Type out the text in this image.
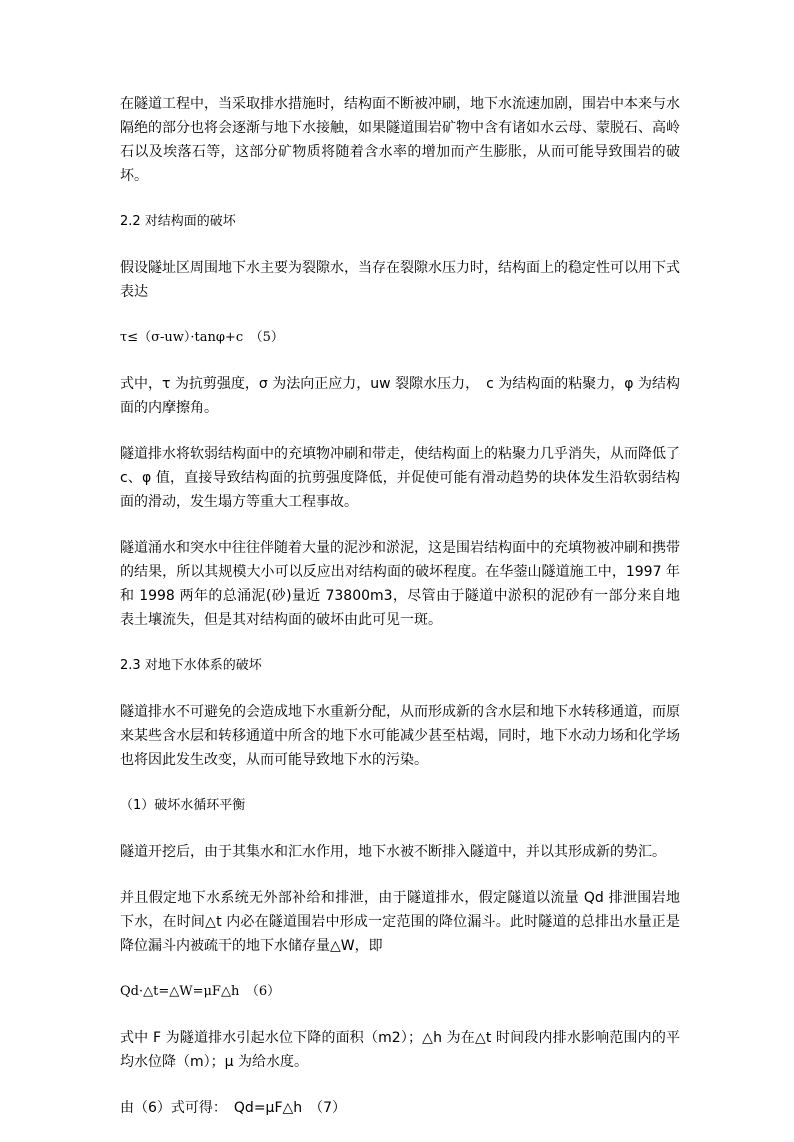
在隧道工程中，当采取排水措施时，结构面不断被冲刷，地下水流速加剧，围岩中本来与水隔绝的部分也将会逐渐与地下水接触，如果隧道围岩矿物中含有诸如水云母、蒙脱石、高岭石以及埃落石等，这部分矿物质将随着含水率的增加而产生膨胀，从而可能导致围岩的破坏。

2.2 对结构面的破坏

假设隧址区周围地下水主要为裂隙水，当存在裂隙水压力时，结构面上的稳定性可以用下式表达

τ≤（σ-uw）·tanφ+c　（5）

式中，τ 为抗剪强度，σ 为法向正应力，uw 裂隙水压力，　c 为结构面的粘聚力，φ 为结构面的内摩擦角。

隧道排水将软弱结构面中的充填物冲刷和带走，使结构面上的粘聚力几乎消失，从而降低了 c、φ 值，直接导致结构面的抗剪强度降低，并促使可能有滑动趋势的块体发生沿软弱结构面的滑动，发生塌方等重大工程事故。

隧道涌水和突水中往往伴随着大量的泥沙和淤泥，这是围岩结构面中的充填物被冲刷和携带的结果，所以其规模大小可以反应出对结构面的破坏程度。在华蓥山隧道施工中，1997 年和 1998 两年的总涌泥(砂)量近 73800m3，尽管由于隧道中淤积的泥砂有一部分来自地表土壤流失，但是其对结构面的破坏由此可见一斑。

2.3 对地下水体系的破坏

隧道排水不可避免的会造成地下水重新分配，从而形成新的含水层和地下水转移通道，而原来某些含水层和转移通道中所含的地下水可能减少甚至枯竭，同时，地下水动力场和化学场也将因此发生改变，从而可能导致地下水的污染。

（1）破坏水循环平衡

隧道开挖后，由于其集水和汇水作用，地下水被不断排入隧道中，并以其形成新的势汇。

并且假定地下水系统无外部补给和排泄，由于隧道排水，假定隧道以流量 Qd 排泄围岩地下水，在时间△t 内必在隧道围岩中形成一定范围的降位漏斗。此时隧道的总排出水量正是降位漏斗内被疏干的地下水储存量△W，即

Qd·△t=△W=μF△h　（6）

式中 F 为隧道排水引起水位下降的面积（m2）；△h 为在△t 时间段内排水影响范围内的平均水位降（m）；μ 为给水度。

由（6）式可得：　Qd=μF△h　（7）
